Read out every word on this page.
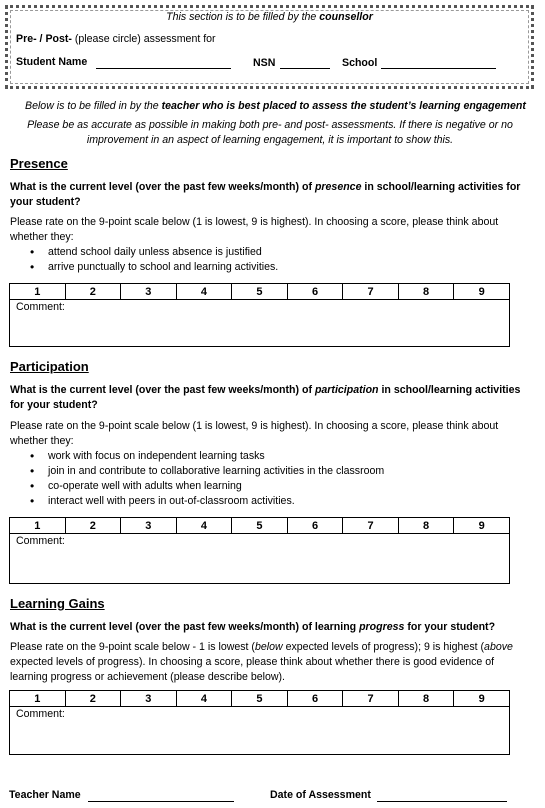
This section is to be filled by the counsellor
Pre- / Post- (please circle) assessment for
Student Name	NSN	School
Below is to be filled in by the teacher who is best placed to assess the student’s learning engagement
Please be as accurate as possible in making both pre- and post- assessments. If there is negative or no
improvement in an aspect of learning engagement, it is important to show this.
Presence
What is the current level (over the past few weeks/month) of presence in school/learning activities for
your student?
Please rate on the 9-point scale below (1 is lowest, 9 is highest). In choosing a score, please think about
whether they:
• attend school daily unless absence is justified
• arrive punctually to school and learning activities.
1	2	3	4	5	6	7	8	9
Comment:
Participation
What is the current level (over the past few weeks/month) of participation in school/learning activities
for your student?
Please rate on the 9-point scale below (1 is lowest, 9 is highest). In choosing a score, please think about
whether they:
• work with focus on independent learning tasks
• join in and contribute to collaborative learning activities in the classroom
• co-operate well with adults when learning
• interact well with peers in out-of-classroom activities.
1	2	3	4	5	6	7	8	9
Comment:
Learning Gains
What is the current level (over the past few weeks/month) of learning progress for your student?
Please rate on the 9-point scale below - 1 is lowest (below expected levels of progress); 9 is highest (above
expected levels of progress). In choosing a score, please think about whether there is good evidence of
learning progress or achievement (please describe below).
1	2	3	4	5	6	7	8	9
Comment:
Teacher Name	Date of Assessment
